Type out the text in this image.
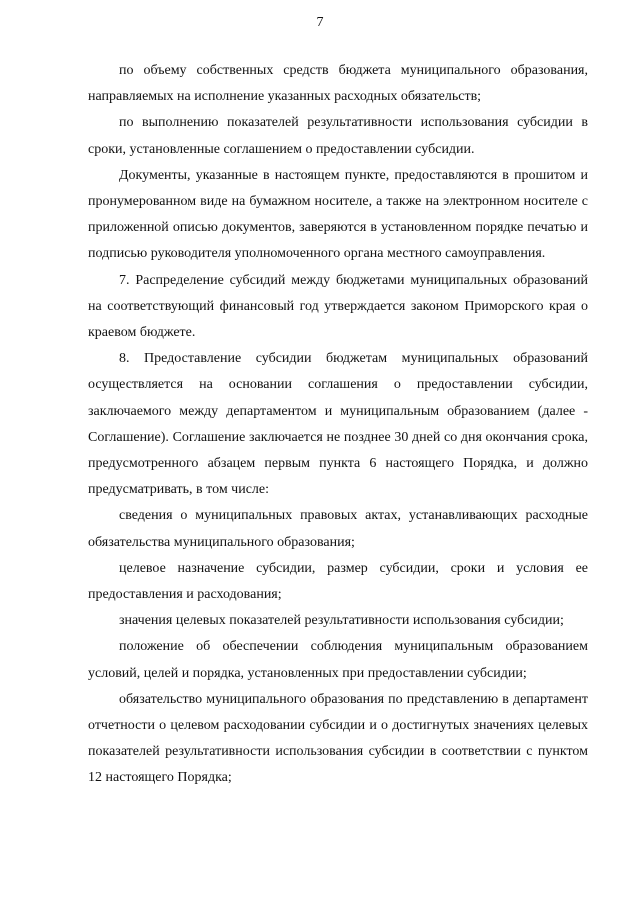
7

по объему собственных средств бюджета муниципального образования, направляемых на исполнение указанных расходных обязательств;

по выполнению показателей результативности использования субсидии в сроки, установленные соглашением о предоставлении субсидии.

Документы, указанные в настоящем пункте, предоставляются в прошитом и пронумерованном виде на бумажном носителе, а также на электронном носителе с приложенной описью документов, заверяются в установленном порядке печатью и подписью руководителя уполномоченного органа местного самоуправления.

7. Распределение субсидий между бюджетами муниципальных образований на соответствующий финансовый год утверждается законом Приморского края о краевом бюджете.

8. Предоставление субсидии бюджетам муниципальных образований осуществляется на основании соглашения о предоставлении субсидии, заключаемого между департаментом и муниципальным образованием (далее - Соглашение). Соглашение заключается не позднее 30 дней со дня окончания срока, предусмотренного абзацем первым пункта 6 настоящего Порядка, и должно предусматривать, в том числе:

сведения о муниципальных правовых актах, устанавливающих расходные обязательства муниципального образования;

целевое назначение субсидии, размер субсидии, сроки и условия ее предоставления и расходования;

значения целевых показателей результативности использования субсидии;

положение об обеспечении соблюдения муниципальным образованием условий, целей и порядка, установленных при предоставлении субсидии;

обязательство муниципального образования по представлению в департамент отчетности о целевом расходовании субсидии и о достигнутых значениях целевых показателей результативности использования субсидии в соответствии с пунктом 12 настоящего Порядка;
